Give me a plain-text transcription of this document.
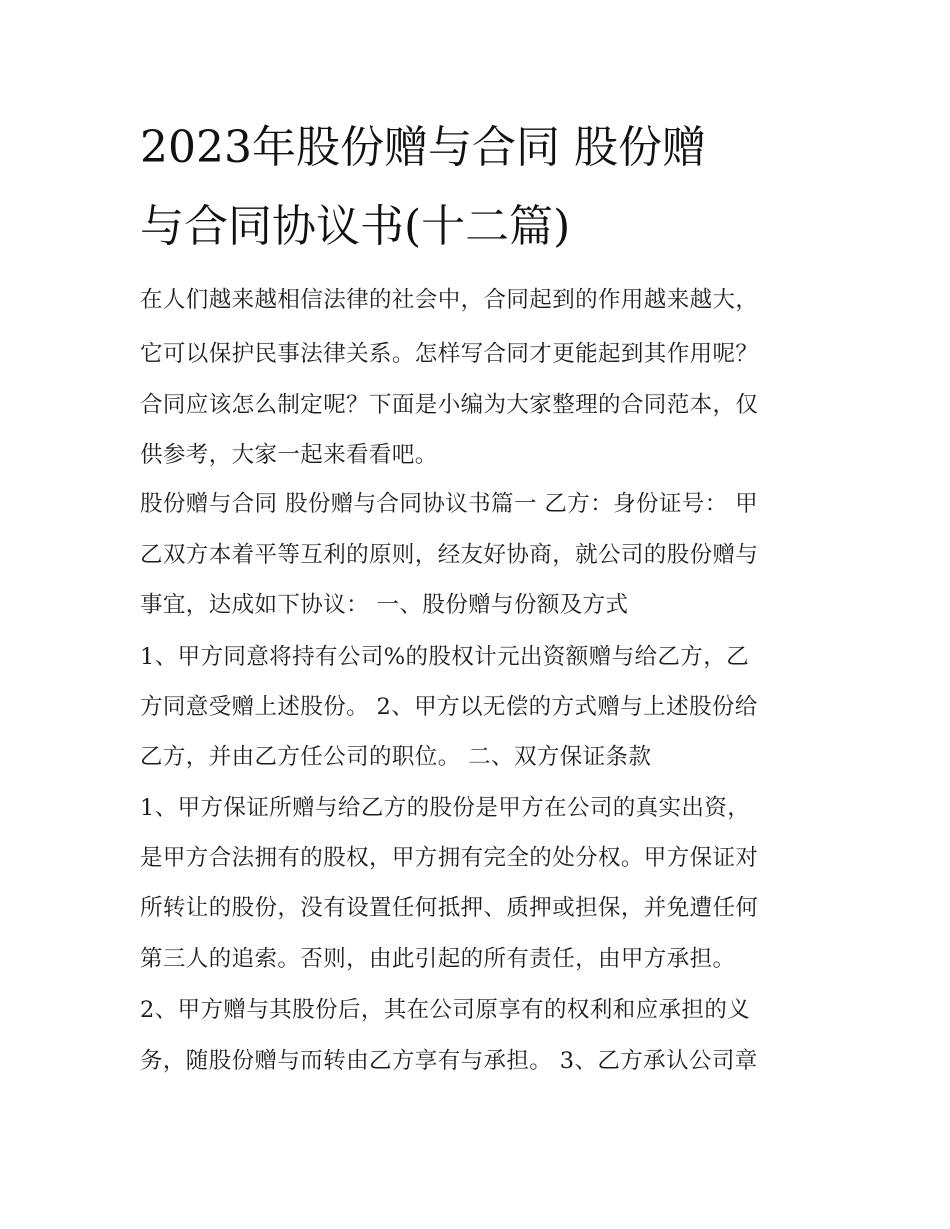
2023年股份赠与合同 股份赠
与合同协议书(十二篇)
在人们越来越相信法律的社会中，合同起到的作用越来越大，
它可以保护民事法律关系。怎样写合同才更能起到其作用呢？
合同应该怎么制定呢？下面是小编为大家整理的合同范本，仅
供参考，大家一起来看看吧。
股份赠与合同 股份赠与合同协议书篇一 乙方：身份证号： 甲
乙双方本着平等互利的原则，经友好协商，就公司的股份赠与
事宜，达成如下协议： 一、股份赠与份额及方式
1、甲方同意将持有公司%的股权计元出资额赠与给乙方，乙
方同意受赠上述股份。 2、甲方以无偿的方式赠与上述股份给
乙方，并由乙方任公司的职位。 二、双方保证条款
1、甲方保证所赠与给乙方的股份是甲方在公司的真实出资，
是甲方合法拥有的股权，甲方拥有完全的处分权。甲方保证对
所转让的股份，没有设置任何抵押、质押或担保，并免遭任何
第三人的追索。否则，由此引起的所有责任，由甲方承担。
2、甲方赠与其股份后，其在公司原享有的权利和应承担的义
务，随股份赠与而转由乙方享有与承担。 3、乙方承认公司章
